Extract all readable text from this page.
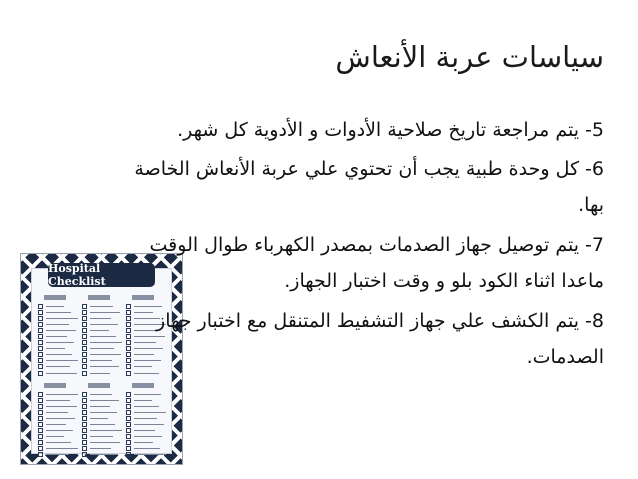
سياسات عربة الأنعاش
Hospital Checklist
5- يتم مراجعة تاريخ صلاحية الأدوات و الأدوية كل شهر.
6- كل وحدة طبية يجب أن تحتوي علي عربة الأنعاش الخاصة
بها.
7- يتم توصيل جهاز الصدمات بمصدر الكهرباء طوال الوقت
ماعدا اثناء الكود بلو و وقت اختبار الجهاز.
8- يتم الكشف علي جهاز التشفيط المتنقل مع اختبار جهاز
الصدمات.
